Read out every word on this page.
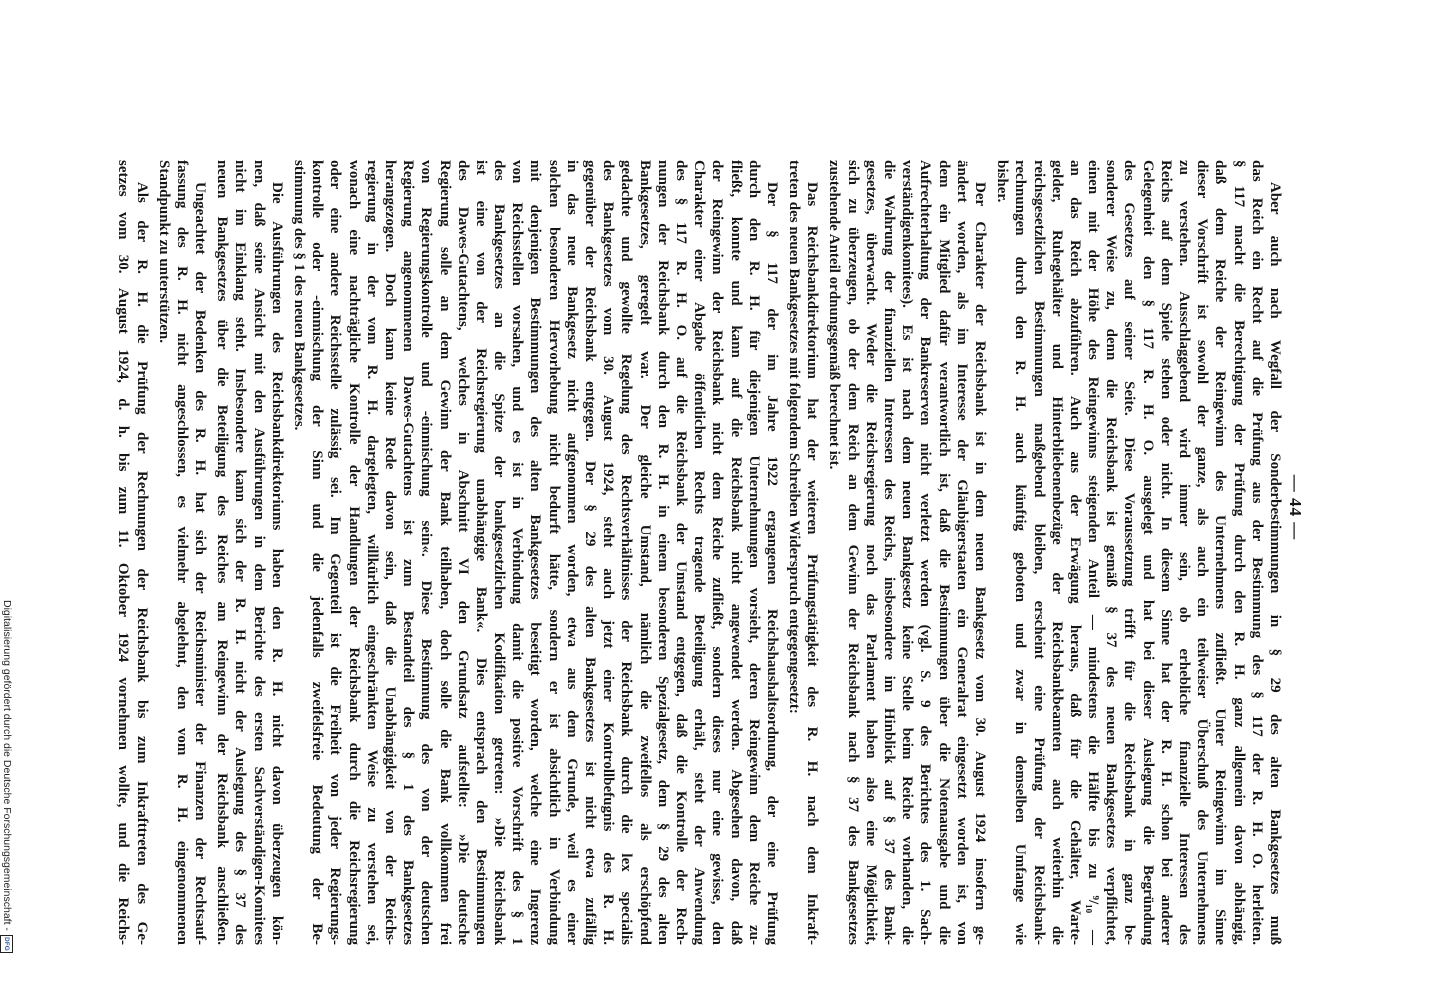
— 44 —
Aber auch nach Wegfall der Sonderbestimmungen in § 29 des alten Bankgesetzes muß
das Reich ein Recht auf die Prüfung aus der Bestimmung des § 117 der R. H. O. herleiten.
§ 117 macht die Berechtigung der Prüfung durch den R. H. ganz allgemein davon abhängig,
daß dem Reiche der Reingewinn des Unternehmens zufließt. Unter Reingewinn im Sinne
dieser Vorschrift ist sowohl der ganze, als auch ein teilweiser Überschuß des Unternehmens
zu verstehen. Ausschlaggebend wird immer sein, ob erhebliche finanzielle Interessen des
Reichs auf dem Spiele stehen oder nicht. In diesem Sinne hat der R. H. schon bei anderer
Gelegenheit den § 117 R. H. O. ausgelegt und hat bei dieser Auslegung die Begründung
des Gesetzes auf seiner Seite. Diese Voraussetzung trifft für die Reichsbank in ganz be-
sonderer Weise zu, denn die Reichsbank ist gemäß § 37 des neuen Bankgesetzes verpflichtet,
einen mit der Höhe des Reingewinns steigenden Anteil — mindestens die Hälfte bis zu ⁹/₁₀ —
an das Reich abzuführen. Auch aus der Erwägung heraus, daß für die Gehälter, Warte-
gelder, Ruhegehälter und Hinterbliebenenbezüge der Reichsbankbeamten auch weiterhin die
reichsgesetzlichen Bestimmungen maßgebend bleiben, erscheint eine Prüfung der Reichsbank-
rechnungen durch den R. H. auch künftig geboten und zwar in demselben Umfange wie
bisher.
Der Charakter der Reichsbank ist in dem neuen Bankgesetz vom 30. August 1924 insofern ge-
ändert worden, als im Interesse der Gläubigerstaaten ein Generalrat eingesetzt worden ist, von
dem ein Mitglied dafür verantwortlich ist, daß die Bestimmungen über die Notenausgabe und die
Aufrechterhaltung der Bankreserven nicht verletzt werden (vgl. S. 9 des Berichtes des 1. Sach-
verständigenkomitees). Es ist nach dem neuen Bankgesetz keine Stelle beim Reiche vorhanden, die
die Wahrung der finanziellen Interessen des Reichs, insbesondere im Hinblick auf § 37 des Bank-
gesetzes, überwacht. Weder die Reichsregierung noch das Parlament haben also eine Möglichkeit,
sich zu überzeugen, ob der dem Reich an dem Gewinn der Reichsbank nach § 37 des Bankgesetzes
zustehende Anteil ordnungsgemäß berechnet ist.
Das Reichsbankdirektorium hat der weiteren Prüfungstätigkeit des R. H. nach dem Inkraft-
treten des neuen Bankgesetzes mit folgendem Schreiben Widerspruch entgegengesetzt:
Der § 117 der im Jahre 1922 ergangenen Reichshaushaltsordnung, der eine Prüfung
durch den R. H. für diejenigen Unternehmungen vorsieht, deren Reingewinn dem Reiche zu-
fließt, konnte und kann auf die Reichsbank nicht angewendet werden. Abgesehen davon, daß
der Reingewinn der Reichsbank nicht dem Reiche zufließt, sondern dieses nur eine gewisse, den
Charakter einer Abgabe öffentlichen Rechts tragende Beteiligung erhält, steht der Anwendung
des § 117 R. H. O. auf die Reichsbank der Umstand entgegen, daß die Kontrolle der Rech-
nungen der Reichsbank durch den R. H. in einem besonderen Spezialgesetz, dem § 29 des alten
Bankgesetzes, geregelt war. Der gleiche Umstand, nämlich die zweifellos als erschöpfend
gedachte und gewollte Regelung des Rechtsverhältnisses der Reichsbank durch die lex specialis
des Bankgesetzes vom 30. August 1924, steht auch jetzt einer Kontrollbefugnis des R. H.
gegenüber der Reichsbank entgegen. Der § 29 des alten Bankgesetzes ist nicht etwa zufällig
in das neue Bankgesetz nicht aufgenommen worden, etwa aus dem Grunde, weil es einer
solchen besonderen Hervorhebung nicht bedurft hätte, sondern er ist absichtlich in Verbindung
mit denjenigen Bestimmungen des alten Bankgesetzes beseitigt worden, welche eine Ingerenz
von Reichsstellen vorsahen, und es ist in Verbindung damit die positive Vorschrift des § 1
des Bankgesetzes an die Spitze der bankgesetzlichen Kodifikation getreten: »Die Reichsbank
ist eine von der Reichsregierung unabhängige Bank«. Dies entsprach den Bestimmungen
des Dawes-Gutachtens, welches in Abschnitt VI den Grundsatz aufstellte: »Die deutsche
Regierung solle an dem Gewinn der Bank teilhaben, doch solle die Bank vollkommen frei
von Regierungskontrolle und -einmischung sein«. Diese Bestimmung des von der deutschen
Regierung angenommenen Dawes-Gutachtens ist zum Bestandteil des § 1 des Bankgesetzes
herangezogen. Doch kann keine Rede davon sein, daß die Unabhängigkeit von der Reichs-
regierung in der vom R. H. dargelegten, willkürlich eingeschränkten Weise zu verstehen sei,
wonach eine nachträgliche Kontrolle der Handlungen der Reichsbank durch die Reichsregierung
oder eine andere Reichsstelle zulässig sei. Im Gegenteil ist die Freiheit von jeder Regierungs-
kontrolle oder -einmischung der Sinn und die jedenfalls zweifelsfreie Bedeutung der Be-
stimmung des § 1 des neuen Bankgesetzes.
Die Ausführungen des Reichsbankdirektoriums haben den R. H. nicht davon überzeugen kön-
nen, daß seine Ansicht mit den Ausführungen in dem Berichte des ersten Sachverständigen-Komitees
nicht im Einklang steht. Insbesondere kann sich der R. H. nicht der Auslegung des § 37 des
neuen Bankgesetzes über die Beteiligung des Reiches am Reingewinn der Reichsbank anschließen.
Ungeachtet der Bedenken des R. H. hat sich der Reichsminister der Finanzen der Rechtsauf-
fassung des R. H. nicht angeschlossen, es vielmehr abgelehnt, den vom R. H. eingenommenen
Standpunkt zu unterstützen.
Als der R. H. die Prüfung der Rechnungen der Reichsbank bis zum Inkrafttreten des Ge-
setzes vom 30. August 1924, d. h. bis zum 11. Oktober 1924 vornehmen wollte, und die Reichs-
Digitalisierung gefördert durch die Deutsche Forschungsgemeinschaft -
DFG
